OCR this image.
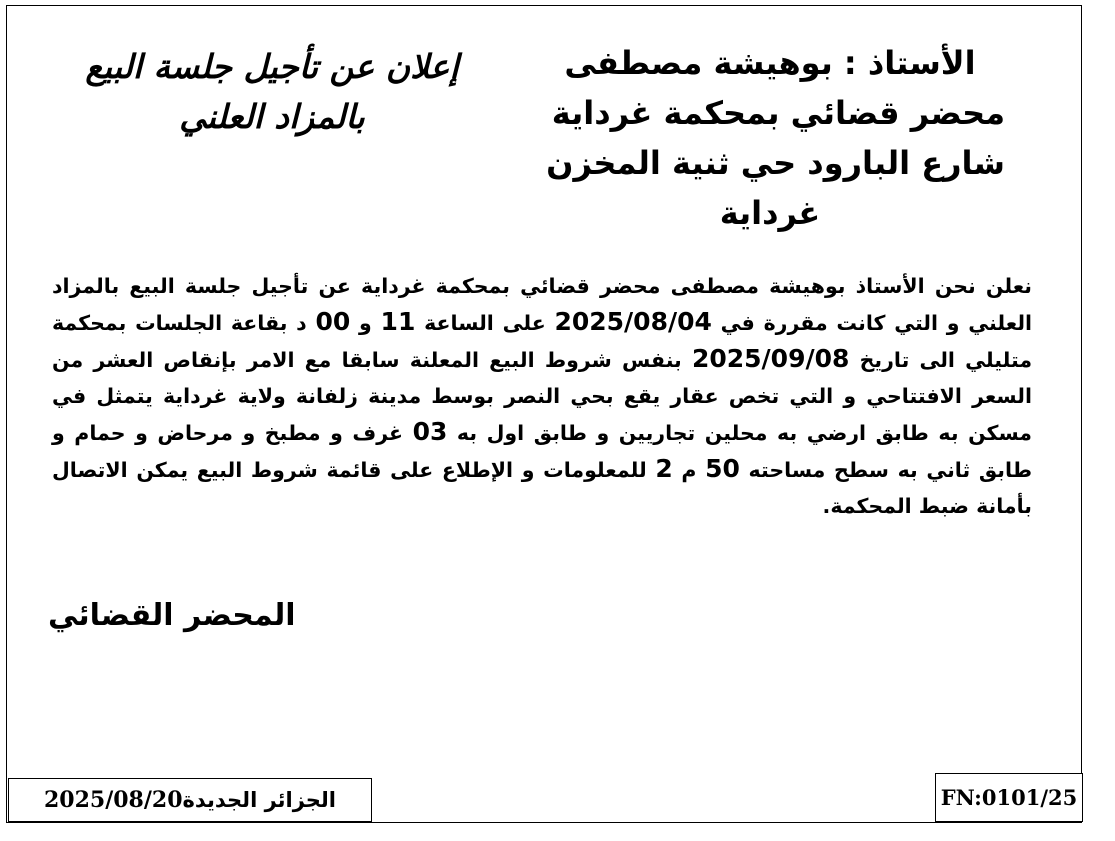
إعلان عن تأجيل جلسة البيع
بالمزاد العلني
الأستاذ : بوهيشة مصطفى
محضر قضائي بمحكمة غرداية
شارع البارود حي ثنية المخزن
غرداية
نعلن نحن الأستاذ بوهيشة مصطفى محضر قضائي بمحكمة غرداية عن تأجيل جلسة البيع بالمزاد العلني و التي كانت مقررة في 2025/08/04 على الساعة 11 و 00 د بقاعة الجلسات بمحكمة متليلي الى تاريخ 2025/09/08 بنفس شروط البيع المعلنة سابقا مع الامر بإنقاص العشر من السعر الافتتاحي و التي تخص عقار يقع بحي النصر بوسط مدينة زلفانة ولاية غرداية يتمثل في مسكن به طابق ارضي به محلين تجاريين و طابق اول به 03 غرف و مطبخ و مرحاض و حمام و طابق ثاني به سطح مساحته 50 م 2 للمعلومات و الإطلاع على قائمة شروط البيع يمكن الاتصال بأمانة ضبط المحكمة.
المحضر القضائي
2025/08/20 الجزائر الجديدة	FN:0101/25
